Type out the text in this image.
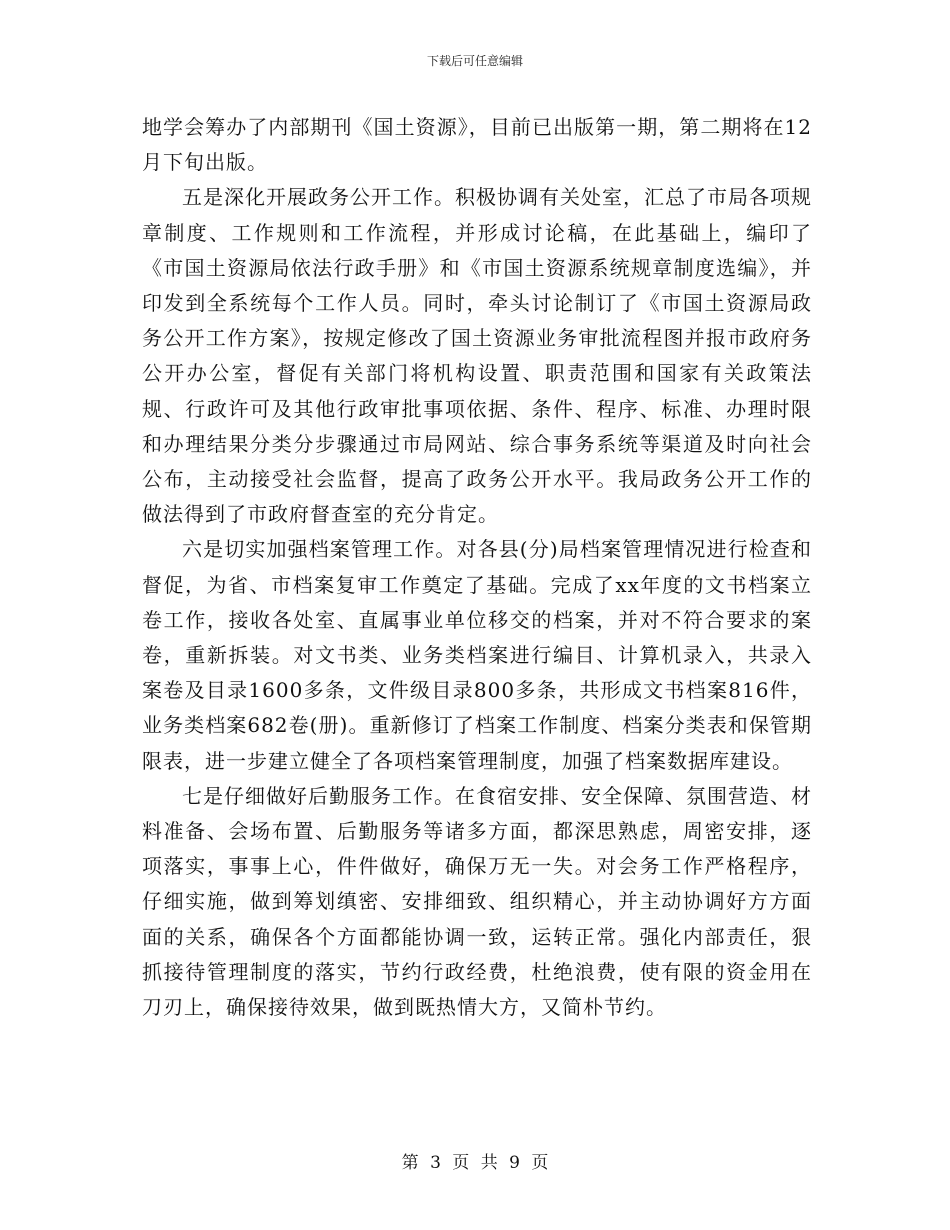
下载后可任意编辑

地学会筹办了内部期刊《国土资源》，目前已出版第一期，第二期将在12月下旬出版。

五是深化开展政务公开工作。积极协调有关处室，汇总了市局各项规章制度、工作规则和工作流程，并形成讨论稿，在此基础上，编印了《市国土资源局依法行政手册》和《市国土资源系统规章制度选编》，并印发到全系统每个工作人员。同时，牵头讨论制订了《市国土资源局政务公开工作方案》，按规定修改了国土资源业务审批流程图并报市政府务公开办公室，督促有关部门将机构设置、职责范围和国家有关政策法规、行政许可及其他行政审批事项依据、条件、程序、标准、办理时限和办理结果分类分步骤通过市局网站、综合事务系统等渠道及时向社会公布，主动接受社会监督，提高了政务公开水平。我局政务公开工作的做法得到了市政府督查室的充分肯定。

六是切实加强档案管理工作。对各县(分)局档案管理情况进行检查和督促，为省、市档案复审工作奠定了基础。完成了xx年度的文书档案立卷工作，接收各处室、直属事业单位移交的档案，并对不符合要求的案卷，重新拆装。对文书类、业务类档案进行编目、计算机录入，共录入案卷及目录1600多条，文件级目录800多条，共形成文书档案816件，业务类档案682卷(册)。重新修订了档案工作制度、档案分类表和保管期限表，进一步建立健全了各项档案管理制度，加强了档案数据库建设。

七是仔细做好后勤服务工作。在食宿安排、安全保障、氛围营造、材料准备、会场布置、后勤服务等诸多方面，都深思熟虑，周密安排，逐项落实，事事上心，件件做好，确保万无一失。对会务工作严格程序，仔细实施，做到筹划缜密、安排细致、组织精心，并主动协调好方方面面的关系，确保各个方面都能协调一致，运转正常。强化内部责任，狠抓接待管理制度的落实，节约行政经费，杜绝浪费，使有限的资金用在刀刃上，确保接待效果，做到既热情大方，又简朴节约。

第 3 页 共 9 页
